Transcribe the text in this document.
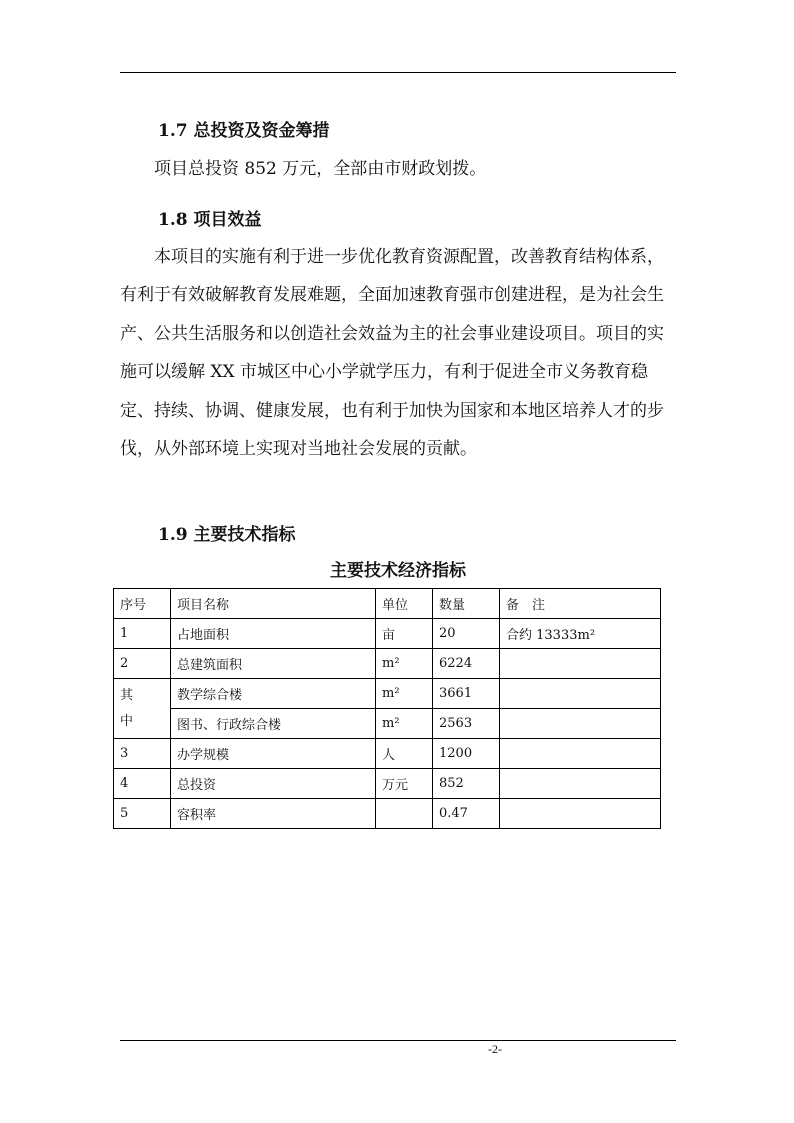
1.7 总投资及资金筹措

项目总投资 852 万元，全部由市财政划拨。

1.8 项目效益

本项目的实施有利于进一步优化教育资源配置，改善教育结构体系，有利于有效破解教育发展难题，全面加速教育强市创建进程，是为社会生产、公共生活服务和以创造社会效益为主的社会事业建设项目。项目的实施可以缓解 XX 市城区中心小学就学压力，有利于促进全市义务教育稳定、持续、协调、健康发展，也有利于加快为国家和本地区培养人才的步伐，从外部环境上实现对当地社会发展的贡献。

1.9 主要技术指标

主要技术经济指标

序号	项目名称	单位	数量	备　注
1	占地面积	亩	20	合约 13333m²
2	总建筑面积	m²	6224	
其
中	教学综合楼	m²	3661	
	图书、行政综合楼	m²	2563	
3	办学规模	人	1200	
4	总投资	万元	852	
5	容积率		0.47	
-2-
